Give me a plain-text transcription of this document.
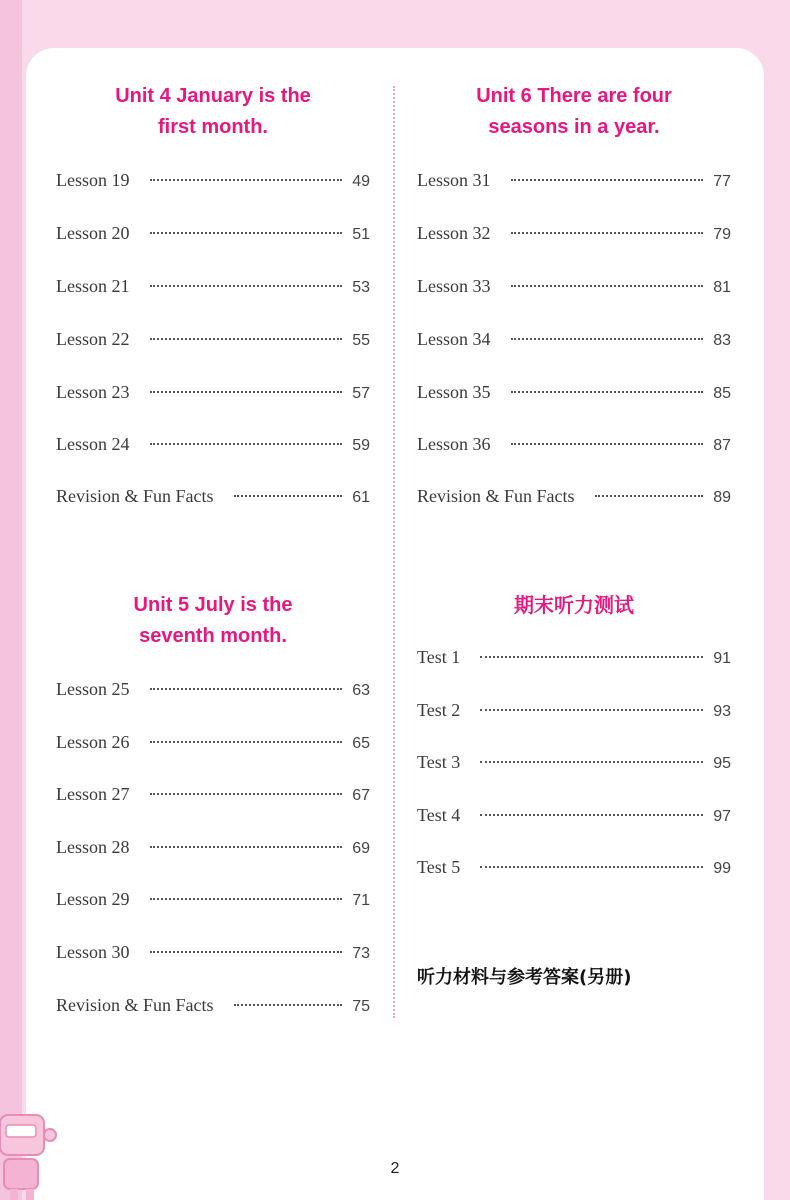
Unit 4 January is the
first month.
Lesson 19	49
Lesson 20	51
Lesson 21	53
Lesson 22	55
Lesson 23	57
Lesson 24	59
Revision & Fun Facts	61
Unit 6 There are four
seasons in a year.
Lesson 31	77
Lesson 32	79
Lesson 33	81
Lesson 34	83
Lesson 35	85
Lesson 36	87
Revision & Fun Facts	89
Unit 5 July is the
seventh month.
Lesson 25	63
Lesson 26	65
Lesson 27	67
Lesson 28	69
Lesson 29	71
Lesson 30	73
Revision & Fun Facts	75
期末听力测试
Test 1	91
Test 2	93
Test 3	95
Test 4	97
Test 5	99
听力材料与参考答案(另册)
2
